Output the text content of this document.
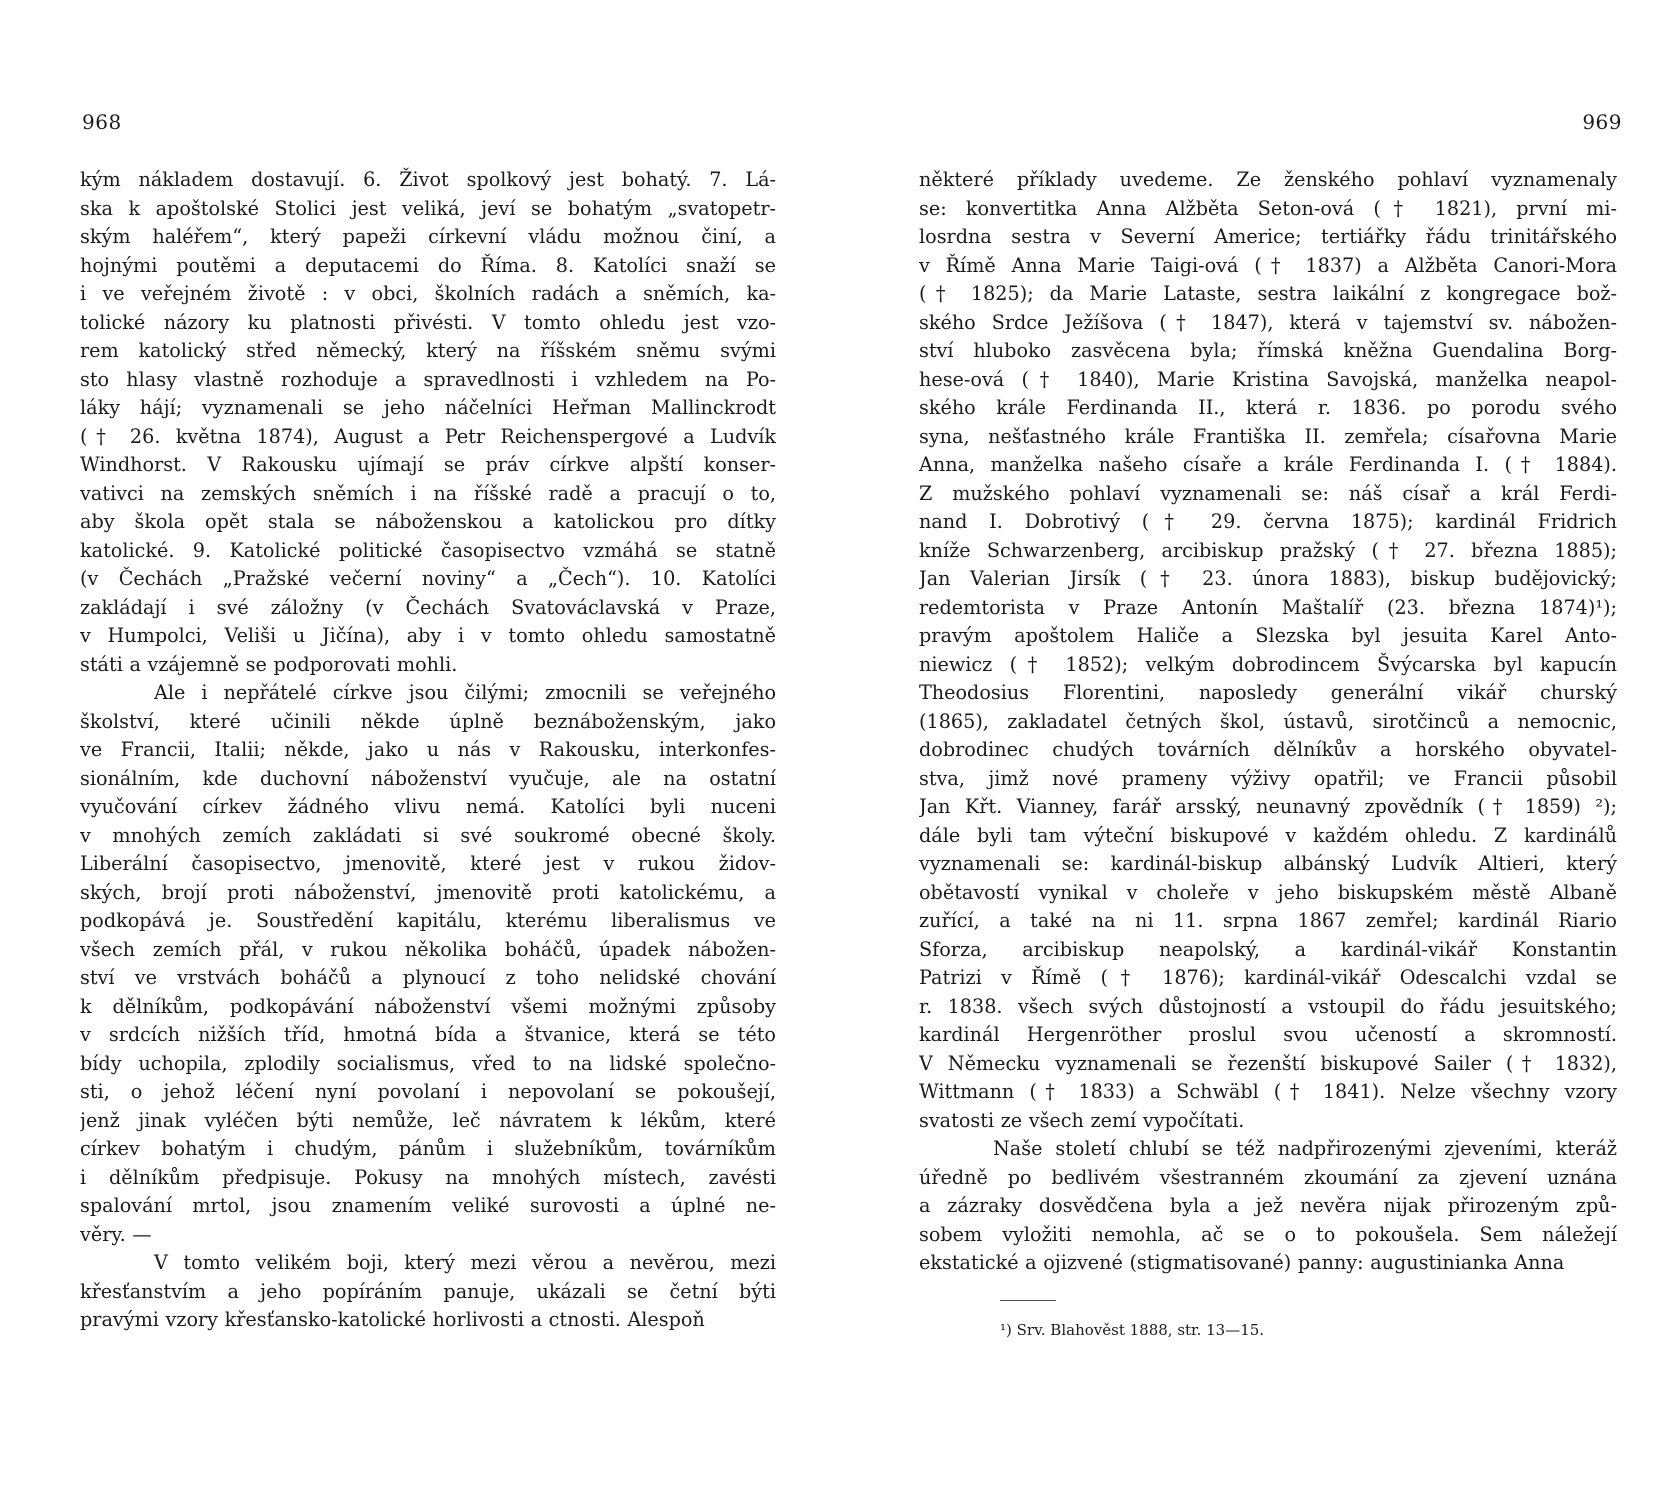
968
kým nákladem dostavují. 6. Život spolkový jest bohatý. 7. Lá-
ska k apoštolské Stolici jest veliká, jeví se bohatým „svatopetr-
ským haléřem“, který papeži církevní vládu možnou činí, a
hojnými poutěmi a deputacemi do Říma. 8. Katolíci snaží se
i ve veřejném životě : v obci, školních radách a sněmích, ka-
tolické názory ku platnosti přivésti. V tomto ohledu jest vzo-
rem katolický střed německý, který na říšském sněmu svými
sto hlasy vlastně rozhoduje a spravedlnosti i vzhledem na Po-
láky hájí; vyznamenali se jeho náčelníci Heřman Mallinckrodt
(† 26. května 1874), August a Petr Reichenspergové a Ludvík
Windhorst. V Rakousku ujímají se práv církve alpští konser-
vativci na zemských sněmích i na říšské radě a pracují o to,
aby škola opět stala se náboženskou a katolickou pro dítky
katolické. 9. Katolické politické časopisectvo vzmáhá se statně
(v Čechách „Pražské večerní noviny“ a „Čech“). 10. Katolíci
zakládají i své záložny (v Čechách Svatováclavská v Praze,
v Humpolci, Veliši u Jičína), aby i v tomto ohledu samostatně
státi a vzájemně se podporovati mohli.
Ale i nepřátelé církve jsou čilými; zmocnili se veřejného
školství, které učinili někde úplně beznáboženským, jako
ve Francii, Italii; někde, jako u nás v Rakousku, interkonfes-
sionálním, kde duchovní náboženství vyučuje, ale na ostatní
vyučování církev žádného vlivu nemá. Katolíci byli nuceni
v mnohých zemích zakládati si své soukromé obecné školy.
Liberální časopisectvo, jmenovitě, které jest v rukou židov-
ských, brojí proti náboženství, jmenovitě proti katolickému, a
podkopává je. Soustředění kapitálu, kterému liberalismus ve
všech zemích přál, v rukou několika boháčů, úpadek nábožen-
ství ve vrstvách boháčů a plynoucí z toho nelidské chování
k dělníkům, podkopávání náboženství všemi možnými způsoby
v srdcích nižších tříd, hmotná bída a štvanice, která se této
bídy uchopila, zplodily socialismus, vřed to na lidské společno-
sti, o jehož léčení nyní povolaní i nepovolaní se pokoušejí,
jenž jinak vyléčen býti nemůže, leč návratem k lékům, které
církev bohatým i chudým, pánům i služebníkům, továrníkům
i dělníkům předpisuje. Pokusy na mnohých místech, zavésti
spalování mrtol, jsou znamením veliké surovosti a úplné ne-
věry. —
V tomto velikém boji, který mezi věrou a nevěrou, mezi
křesťanstvím a jeho popíráním panuje, ukázali se četní býti
pravými vzory křesťansko-katolické horlivosti a ctnosti. Alespoň
969
některé příklady uvedeme. Ze ženského pohlaví vyznamenaly
se: konvertitka Anna Alžběta Seton-ová († 1821), první mi-
losrdna sestra v Severní Americe; tertiářky řádu trinitářského
v Římě Anna Marie Taigi-ová († 1837) a Alžběta Canori-Mora
(† 1825); da Marie Lataste, sestra laikální z kongregace bož-
ského Srdce Ježíšova († 1847), která v tajemství sv. nábožen-
ství hluboko zasvěcena byla; římská kněžna Guendalina Borg-
hese-ová († 1840), Marie Kristina Savojská, manželka neapol-
ského krále Ferdinanda II., která r. 1836. po porodu svého
syna, nešťastného krále Františka II. zemřela; císařovna Marie
Anna, manželka našeho císaře a krále Ferdinanda I. († 1884).
Z mužského pohlaví vyznamenali se: náš císař a král Ferdi-
nand I. Dobrotivý († 29. června 1875); kardinál Fridrich
kníže Schwarzenberg, arcibiskup pražský († 27. března 1885);
Jan Valerian Jirsík († 23. února 1883), biskup budějovický;
redemtorista v Praze Antonín Maštalíř (23. března 1874)¹);
pravým apoštolem Haliče a Slezska byl jesuita Karel Anto-
niewicz († 1852); velkým dobrodincem Švýcarska byl kapucín
Theodosius Florentini, naposledy generální vikář churský
(1865), zakladatel četných škol, ústavů, sirotčinců a nemocnic,
dobrodinec chudých továrních dělníkův a horského obyvatel-
stva, jimž nové prameny výživy opatřil; ve Francii působil
Jan Křt. Vianney, farář arsský, neunavný zpovědník († 1859) ²);
dále byli tam výteční biskupové v každém ohledu. Z kardinálů
vyznamenali se: kardinál-biskup albánský Ludvík Altieri, který
obětavostí vynikal v choleře v jeho biskupském městě Albaně
zuřící, a také na ni 11. srpna 1867 zemřel; kardinál Riario
Sforza, arcibiskup neapolský, a kardinál-vikář Konstantin
Patrizi v Římě († 1876); kardinál-vikář Odescalchi vzdal se
r. 1838. všech svých důstojností a vstoupil do řádu jesuitského;
kardinál Hergenröther proslul svou učeností a skromností.
V Německu vyznamenali se řezenští biskupové Sailer († 1832),
Wittmann († 1833) a Schwäbl († 1841). Nelze všechny vzory
svatosti ze všech zemí vypočítati.
Naše století chlubí se též nadpřirozenými zjeveními, kteráž
úředně po bedlivém všestranném zkoumání za zjevení uznána
a zázraky dosvědčena byla a jež nevěra nijak přirozeným způ-
sobem vyložiti nemohla, ač se o to pokoušela. Sem náležejí
ekstatické a ojizvené (stigmatisované) panny: augustinianka Anna
¹) Srv. Blahověst 1888, str. 13—15.
